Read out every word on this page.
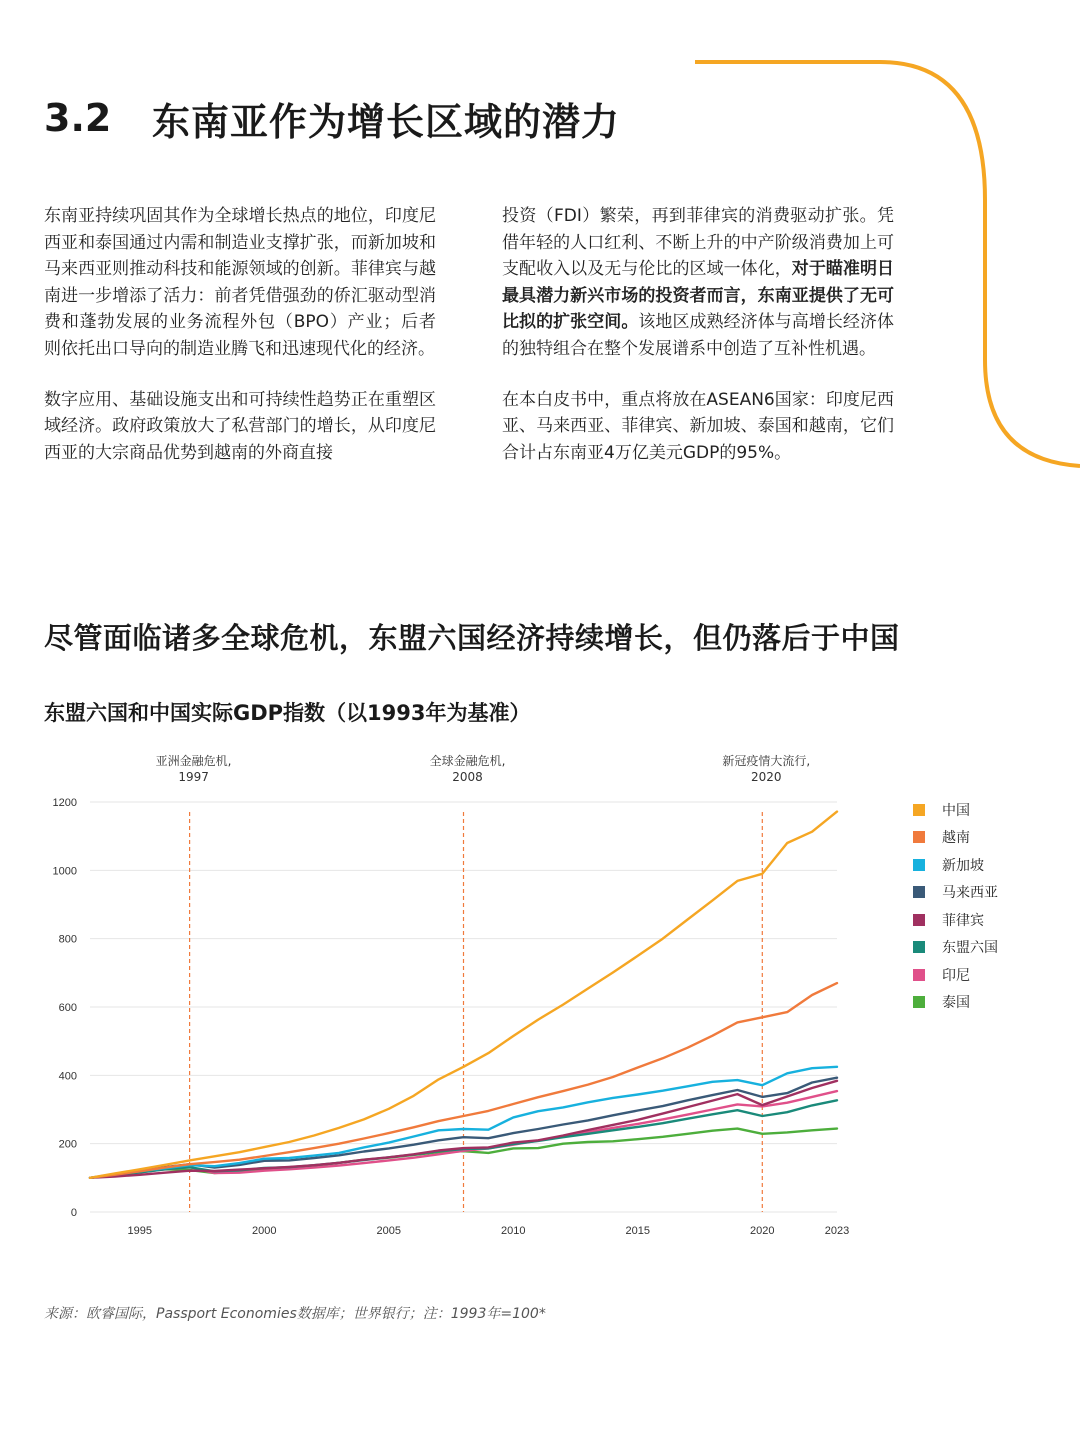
3.2	东南亚作为增长区域的潜力

东南亚持续巩固其作为全球增长热点的地位，印度尼西亚和泰国通过内需和制造业支撑扩张，而新加坡和马来西亚则推动科技和能源领域的创新。菲律宾与越南进一步增添了活力：前者凭借强劲的侨汇驱动型消费和蓬勃发展的业务流程外包（BPO）产业；后者则依托出口导向的制造业腾飞和迅速现代化的经济。

数字应用、基础设施支出和可持续性趋势正在重塑区域经济。政府政策放大了私营部门的增长，从印度尼西亚的大宗商品优势到越南的外商直接

投资（FDI）繁荣，再到菲律宾的消费驱动扩张。凭借年轻的人口红利、不断上升的中产阶级消费加上可支配收入以及无与伦比的区域一体化，对于瞄准明日最具潜力新兴市场的投资者而言，东南亚提供了无可比拟的扩张空间。该地区成熟经济体与高增长经济体的独特组合在整个发展谱系中创造了互补性机遇。

在本白皮书中，重点将放在ASEAN6国家：印度尼西亚、马来西亚、菲律宾、新加坡、泰国和越南，它们合计占东南亚4万亿美元GDP的95%。

尽管面临诸多全球危机，东盟六国经济持续增长，但仍落后于中国
东盟六国和中国实际GDP指数（以1993年为基准）
0
200
400
600
800
1000
1200
1995	2000	2005	2010	2015	2020	2023
亚洲金融危机,
1997
全球金融危机,
2008
新冠疫情大流行,
2020
中国
越南
新加坡
马来西亚
菲律宾
东盟六国
印尼
泰国
来源：欧睿国际，Passport Economies数据库；世界银行；注：1993年=100*
